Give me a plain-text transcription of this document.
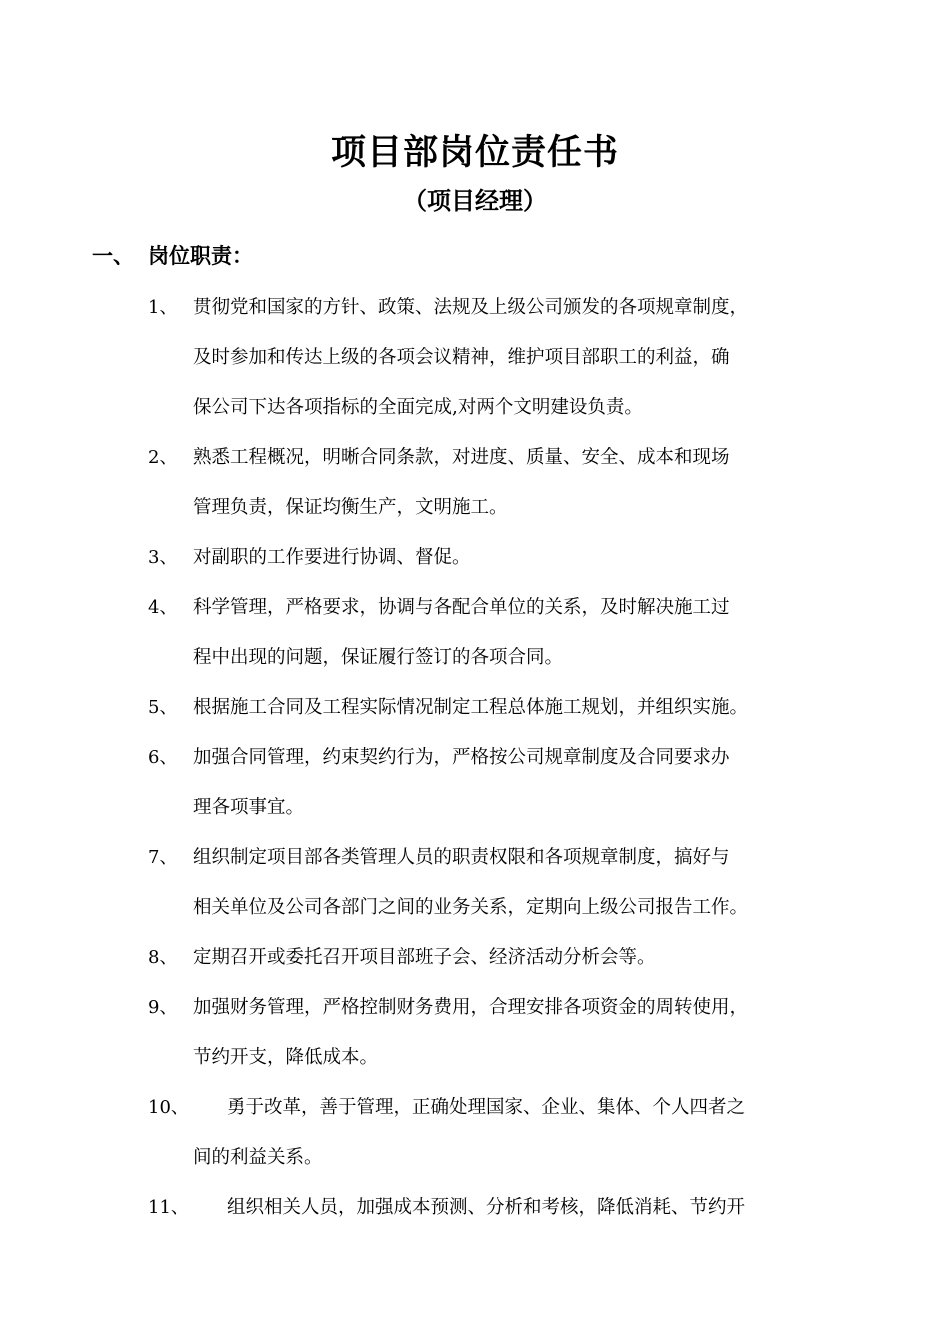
项目部岗位责任书
（项目经理）
一、 岗位职责：
1、 贯彻党和国家的方针、政策、法规及上级公司颁发的各项规章制度，
及时参加和传达上级的各项会议精神，维护项目部职工的利益，确
保公司下达各项指标的全面完成,对两个文明建设负责。
2、 熟悉工程概况，明晰合同条款，对进度、质量、安全、成本和现场
管理负责，保证均衡生产，文明施工。
3、 对副职的工作要进行协调、督促。
4、 科学管理，严格要求，协调与各配合单位的关系，及时解决施工过
程中出现的问题，保证履行签订的各项合同。
5、 根据施工合同及工程实际情况制定工程总体施工规划，并组织实施。
6、 加强合同管理，约束契约行为，严格按公司规章制度及合同要求办
理各项事宜。
7、 组织制定项目部各类管理人员的职责权限和各项规章制度，搞好与
相关单位及公司各部门之间的业务关系，定期向上级公司报告工作。
8、 定期召开或委托召开项目部班子会、经济活动分析会等。
9、 加强财务管理，严格控制财务费用，合理安排各项资金的周转使用，
节约开支，降低成本。
10、	勇于改革，善于管理，正确处理国家、企业、集体、个人四者之
间的利益关系。
11、	组织相关人员，加强成本预测、分析和考核，降低消耗、节约开
